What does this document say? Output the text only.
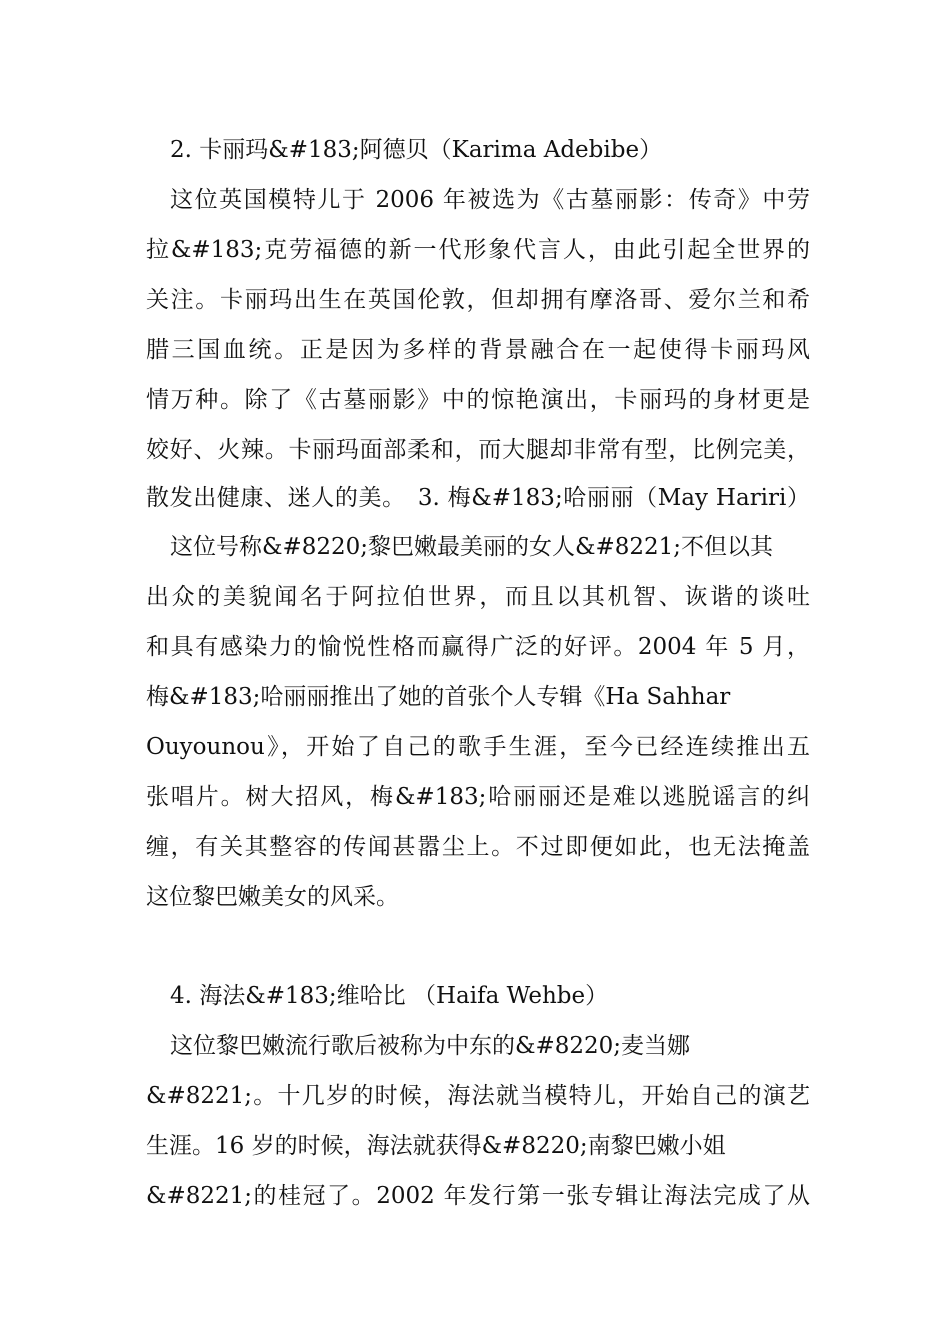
2. 卡丽玛&#183;阿德贝（Karima Adebibe）
这位英国模特儿于 2006 年被选为《古墓丽影：传奇》中劳
拉&#183;克劳福德的新一代形象代言人，由此引起全世界的
关注。卡丽玛出生在英国伦敦，但却拥有摩洛哥、爱尔兰和希
腊三国血统。正是因为多样的背景融合在一起使得卡丽玛风
情万种。除了《古墓丽影》中的惊艳演出，卡丽玛的身材更是
姣好、火辣。卡丽玛面部柔和，而大腿却非常有型，比例完美，
散发出健康、迷人的美。　3. 梅&#183;哈丽丽（May Hariri）
这位号称&#8220;黎巴嫩最美丽的女人&#8221;不但以其
出众的美貌闻名于阿拉伯世界，而且以其机智、诙谐的谈吐
和具有感染力的愉悦性格而赢得广泛的好评。2004 年 5 月，
梅&#183;哈丽丽推出了她的首张个人专辑《Ha Sahhar
Ouyounou》，开始了自己的歌手生涯，至今已经连续推出五
张唱片。树大招风，梅&#183;哈丽丽还是难以逃脱谣言的纠
缠，有关其整容的传闻甚嚣尘上。不过即便如此，也无法掩盖
这位黎巴嫩美女的风采。
4. 海法&#183;维哈比 （Haifa Wehbe）
这位黎巴嫩流行歌后被称为中东的&#8220;麦当娜
&#8221;。十几岁的时候，海法就当模特儿，开始自己的演艺
生涯。16 岁的时候，海法就获得&#8220;南黎巴嫩小姐
&#8221;的桂冠了。2002 年发行第一张专辑让海法完成了从
